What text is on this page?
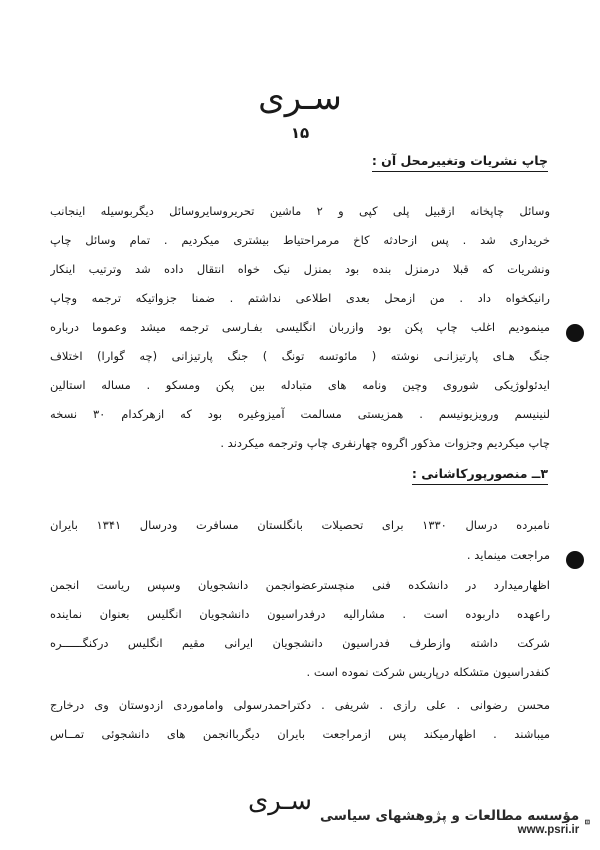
سـری
۱۵
چاپ نشریات وتغییرمحل آن :
وسائل چاپخانه ازقبیل پلی کپی و ۲ ماشین تحریروسایروسائل دیگربوسیله اینجانب
خریداری شد . پس ازحادثه کاخ مرمراحتیاط بیشتری میکردیم . تمام وسائل چاپ
ونشریات که قبلا درمنزل بنده بود بمنزل نیک خواه انتقال داده شد وترتیب اینکار
رانیکخواه داد . من ازمحل بعدی اطلاعی نداشتم . ضمنا جزواتیکه ترجمه وچاپ
مینمودیم اغلب چاپ پکن بود وازربان انگلیسی بفـارسی ترجمه میشد وعموما درباره
جنگ هـای پارتیزانـی نوشته ( مائوتسه تونگ ) جنگ پارتیزانی (چه گوارا) اختلاف
ایدئولوژیکی شوروی وچین ونامه های متبادله بین پکن ومسکو . مساله استالین
لنینیسم ورویزیونیسم . همزیستی مسالمت آمیزوغیره بود که ازهرکدام ۳۰ نسخه
چاپ میکردیم وجزوات مذکور اگروه چهارنفری چاپ وترجمه میکردند .
۳ــ منصورپورکاشانی :
نامبرده درسال ۱۳۳۰ برای تحصیلات بانگلستان مسافرت ودرسال ۱۳۴۱ بایران
مراجعت مینماید .
اظهارمیدارد در دانشکده فنی منچسترعضوانجمن دانشجویان وسپس ریاست انجمن
راعهده داربوده است . مشارالیه درفدراسیون دانشجویان انگلیس بعنوان نماینده
شرکت داشته وازطرف فدراسیون دانشجویان ایرانی مقیم انگلیس درکنگــــــره
کنفدراسیون متشکله درپاریس شرکت نموده است .
محسن رضوانی . علی رازی . شریفی . دکتراحمدرسولی واماموردی ازدوستان وی درخارج
میباشند . اظهارمیکند پس ازمراجعت بایران دیگرباانجمن های دانشجوئی تمــاس
سـری مؤسسه مطالعات و پژوهشهای سیاسی
www.psri.ir
